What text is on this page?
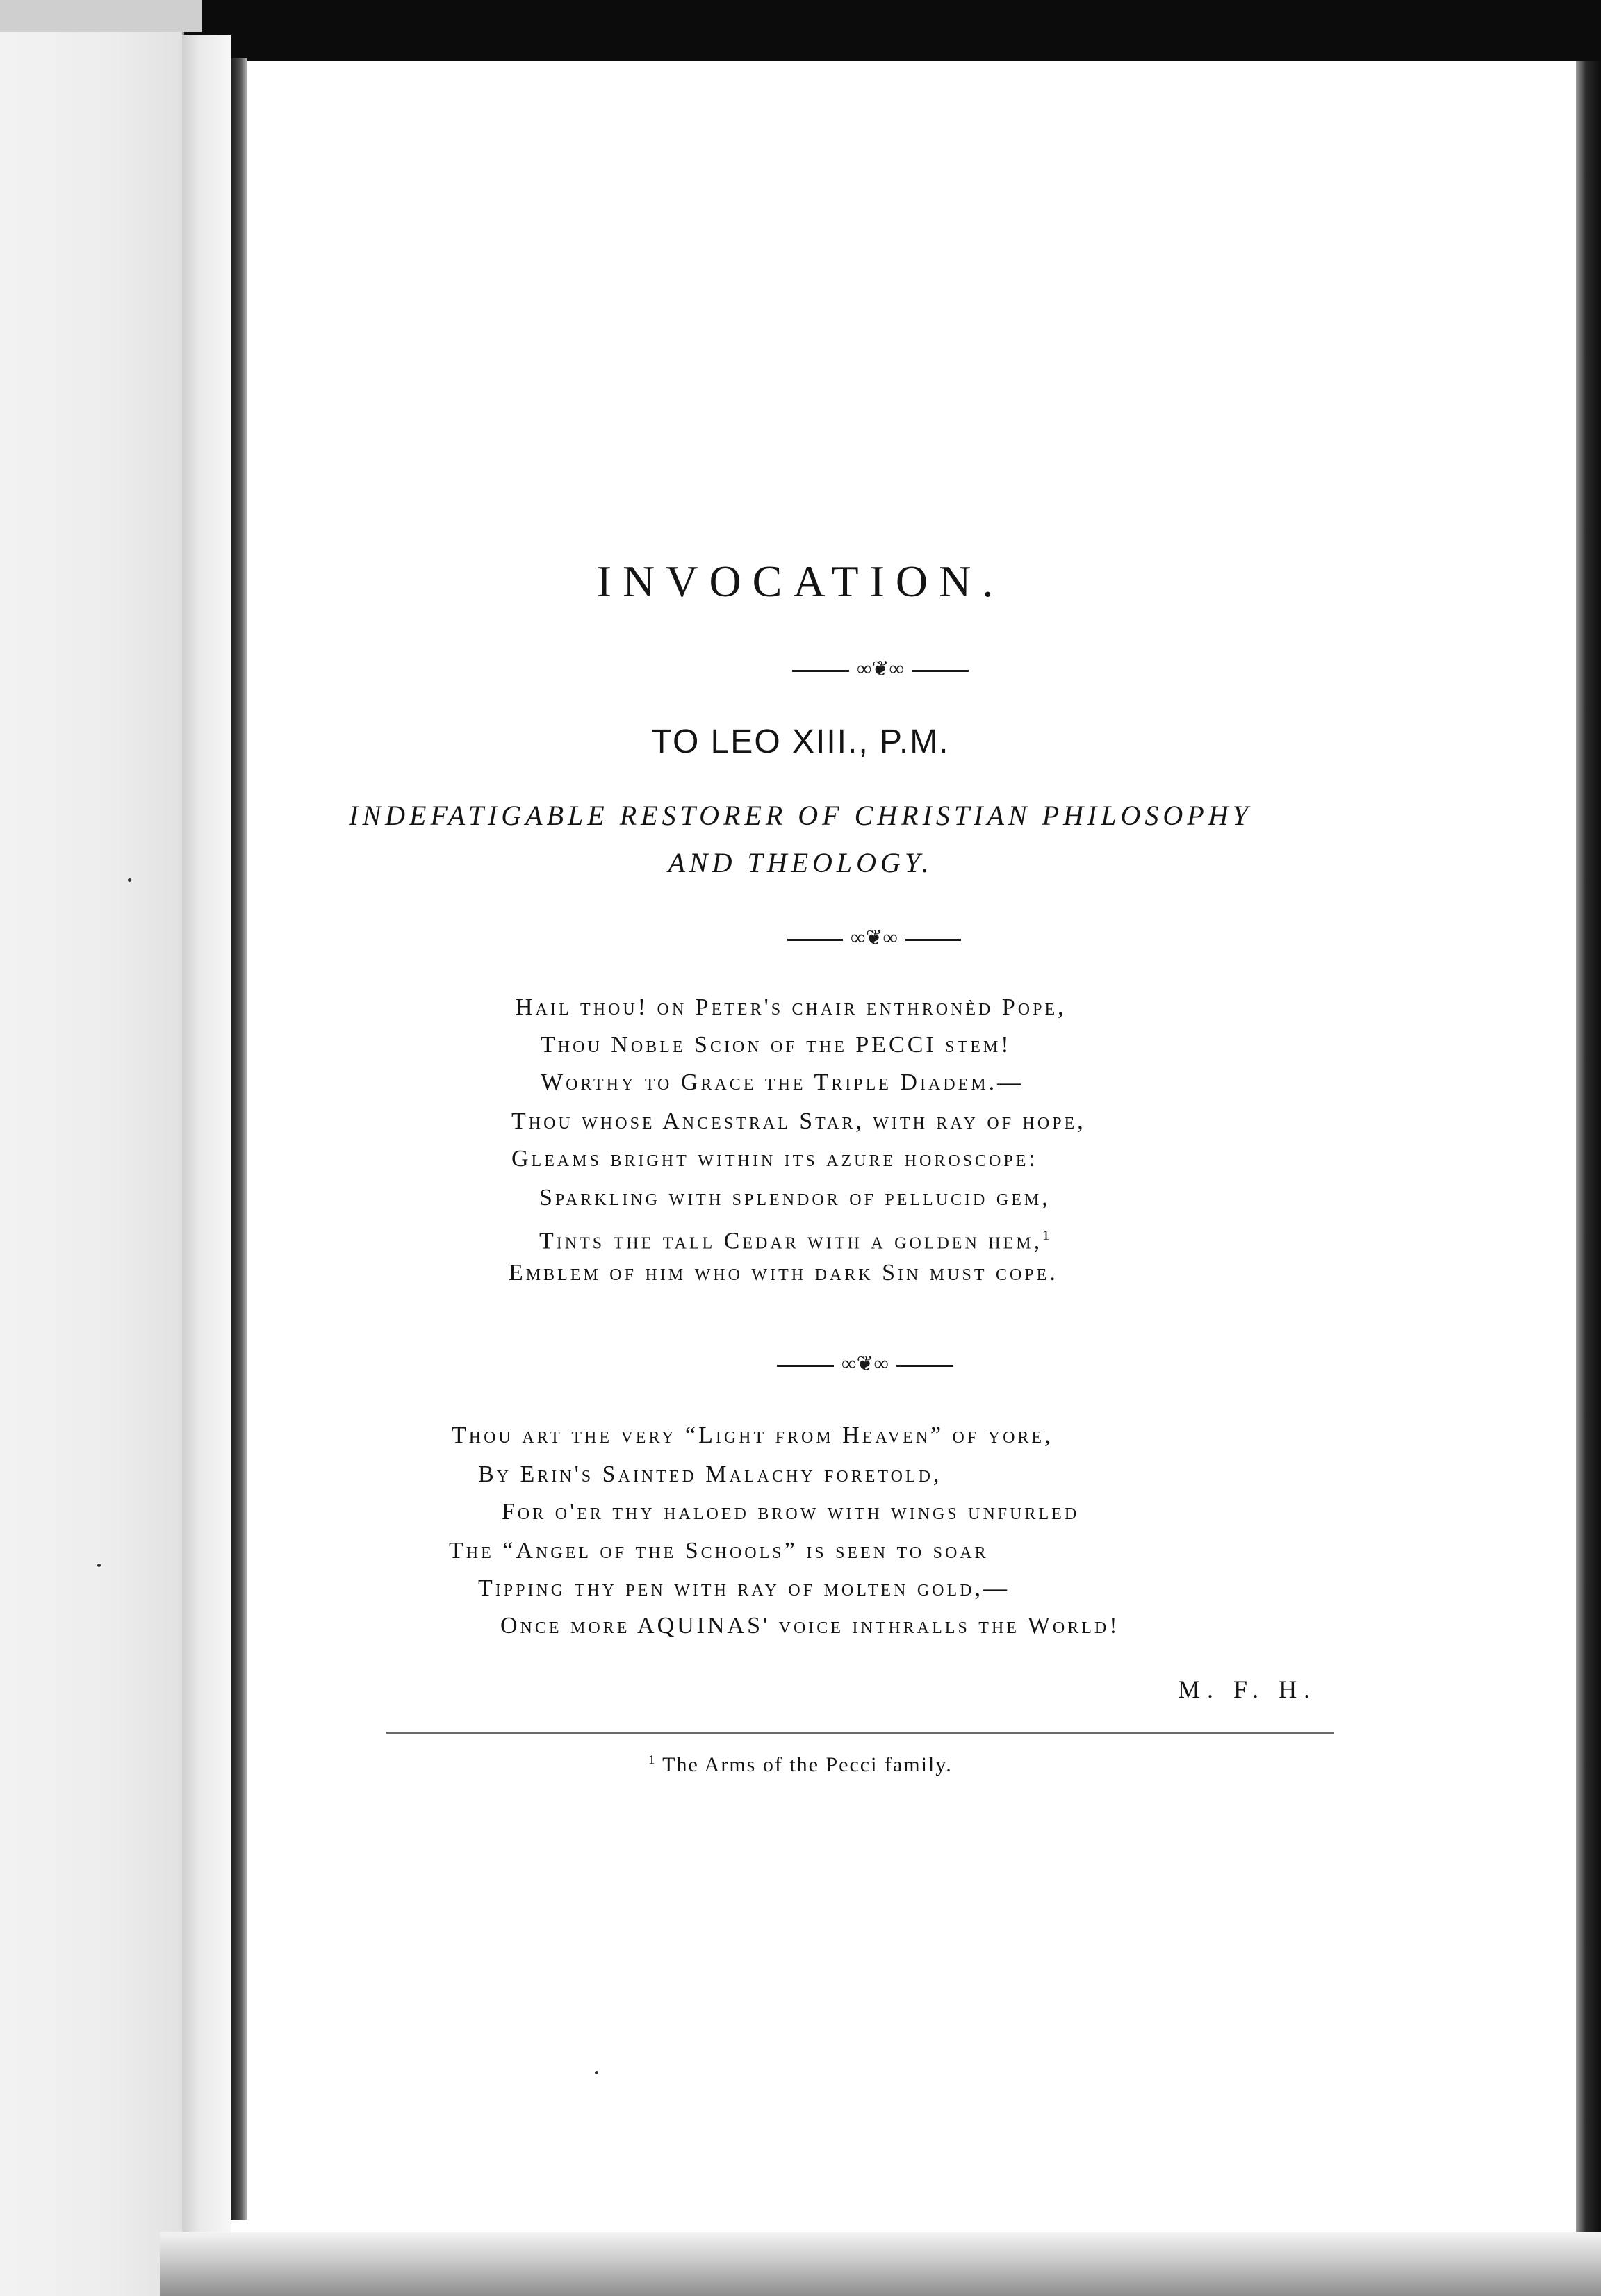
INVOCATION.
∞❦∞
TO LEO XIII., P.M.
INDEFATIGABLE RESTORER OF CHRISTIAN PHILOSOPHY
AND THEOLOGY.
∞❦∞
Hail thou! on Peter's chair enthronèd Pope,
Thou Noble Scion of the PECCI stem!
Worthy to Grace the Triple Diadem.—
Thou whose Ancestral Star, with ray of hope,
Gleams bright within its azure horoscope:
Sparkling with splendor of pellucid gem,
Tints the tall Cedar with a golden hem,$^1$
Emblem of him who with dark Sin must cope.
∞❦∞
Thou art the very “Light from Heaven” of yore,
By Erin's Sainted Malachy foretold,
For o'er thy haloed brow with wings unfurled
The “Angel of the Schools” is seen to soar
Tipping thy pen with ray of molten gold,—
Once more AQUINAS' voice inthralls the World!
M. F. H.
$^1$ The Arms of the Pecci family.
